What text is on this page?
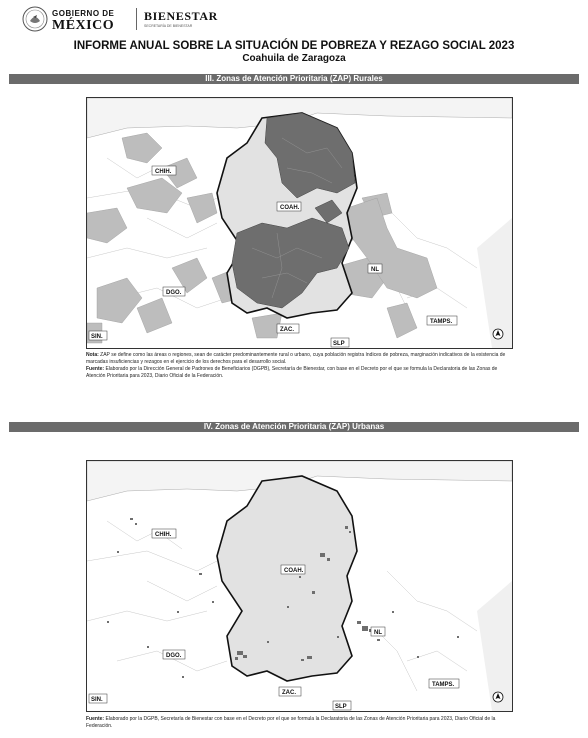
GOBIERNO DE
MÉXICO
BIENESTAR
SECRETARÍA DE BIENESTAR
INFORME ANUAL SOBRE LA SITUACIÓN DE POBREZA Y REZAGO SOCIAL 2023
Coahuila de Zaragoza
III. Zonas de Atención Prioritaria (ZAP) Rurales
CHIH.
COAH.
NL
DGO.
ZAC.
SLP
TAMPS.
SIN.
Nota: ZAP se define como las áreas o regiones, sean de carácter predominantemente rural o urbano, cuya población registra índices de pobreza, marginación indicativos de la existencia de marcadas insuficiencias y rezagos en el ejercicio de los derechos para el desarrollo social.
Fuente: Elaborado por la Dirección General de Padrones de Beneficiarios (DGPB), Secretaría de Bienestar, con base en el Decreto por el que se formula la Declaratoria de las Zonas de Atención Prioritaria para 2023, Diario Oficial de la Federación.
IV. Zonas de Atención Prioritaria (ZAP) Urbanas
CHIH.
COAH.
NL
DGO.
ZAC.
SLP
TAMPS.
SIN.
Fuente: Elaborado por la DGPB, Secretaría de Bienestar con base en el Decreto por el que se formula la Declaratoria de las Zonas de Atención Prioritaria para 2023, Diario Oficial de la Federación.
